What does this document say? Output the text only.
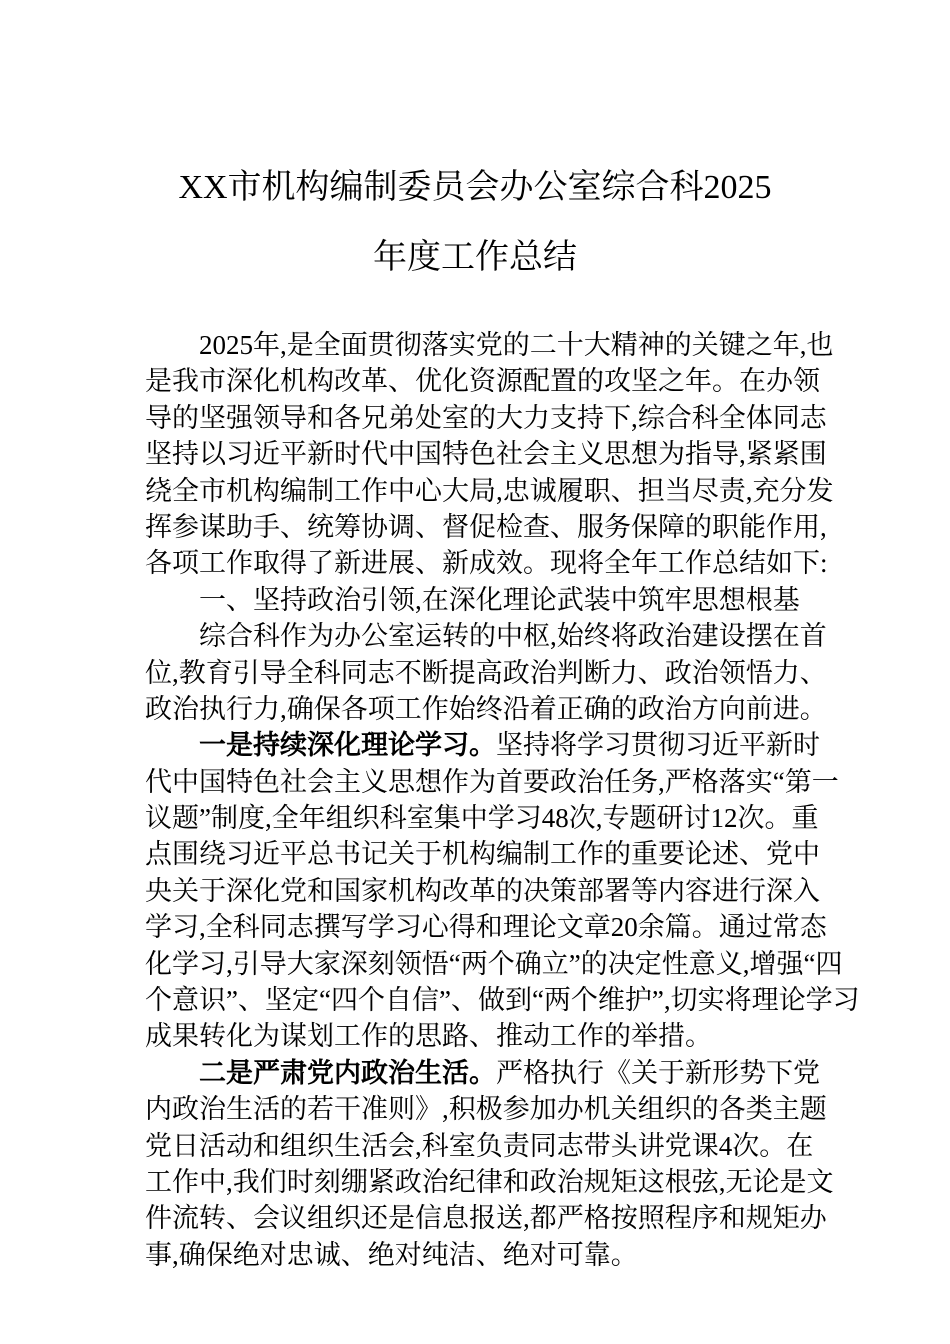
XX市机构编制委员会办公室综合科2025
年度工作总结
2025年,是全面贯彻落实党的二十大精神的关键之年,也
是我市深化机构改革、优化资源配置的攻坚之年。在办领
导的坚强领导和各兄弟处室的大力支持下,综合科全体同志
坚持以习近平新时代中国特色社会主义思想为指导,紧紧围
绕全市机构编制工作中心大局,忠诚履职、担当尽责,充分发
挥参谋助手、统筹协调、督促检查、服务保障的职能作用,
各项工作取得了新进展、新成效。现将全年工作总结如下:
一、坚持政治引领,在深化理论武装中筑牢思想根基
综合科作为办公室运转的中枢,始终将政治建设摆在首
位,教育引导全科同志不断提高政治判断力、政治领悟力、
政治执行力,确保各项工作始终沿着正确的政治方向前进。
一是持续深化理论学习。坚持将学习贯彻习近平新时
代中国特色社会主义思想作为首要政治任务,严格落实“第一
议题”制度,全年组织科室集中学习48次,专题研讨12次。重
点围绕习近平总书记关于机构编制工作的重要论述、党中
央关于深化党和国家机构改革的决策部署等内容进行深入
学习,全科同志撰写学习心得和理论文章20余篇。通过常态
化学习,引导大家深刻领悟“两个确立”的决定性意义,增强“四
个意识”、坚定“四个自信”、做到“两个维护”,切实将理论学习
成果转化为谋划工作的思路、推动工作的举措。
二是严肃党内政治生活。严格执行《关于新形势下党
内政治生活的若干准则》,积极参加办机关组织的各类主题
党日活动和组织生活会,科室负责同志带头讲党课4次。在
工作中,我们时刻绷紧政治纪律和政治规矩这根弦,无论是文
件流转、会议组织还是信息报送,都严格按照程序和规矩办
事,确保绝对忠诚、绝对纯洁、绝对可靠。
